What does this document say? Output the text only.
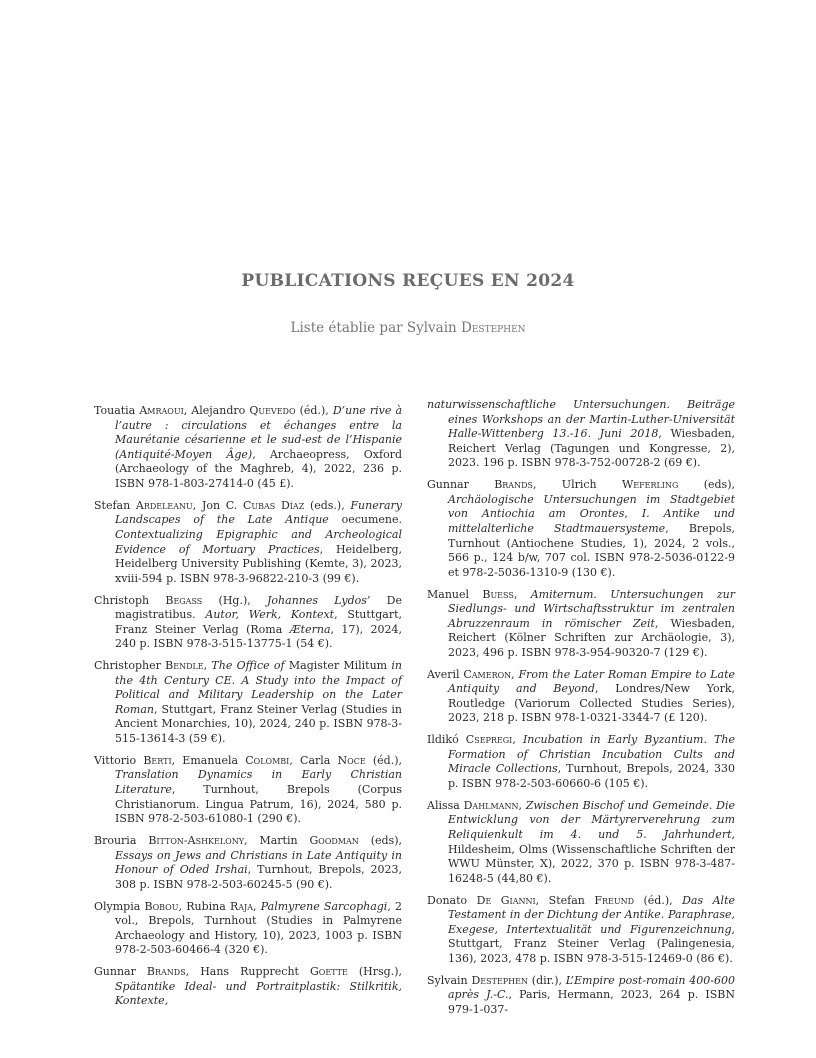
PUBLICATIONS REÇUES EN 2024

Liste établie par Sylvain Destephen

Touatia Amraoui, Alejandro Quevedo (éd.), D’une rive à l’autre : circulations et échanges entre la Maurétanie césarienne et le sud-est de l’Hispanie (Antiquité-Moyen Âge), Archaeopress, Oxford (Archaeology of the Maghreb, 4), 2022, 236 p. ISBN 978-1-803-27414-0 (45 £).

Stefan Ardeleanu, Jon C. Cubas Díaz (eds.), Funerary Landscapes of the Late Antique oecumene. Contextualizing Epigraphic and Archeological Evidence of Mortuary Practices, Heidelberg, Heidelberg University Publishing (Kemte, 3), 2023, xviii-594 p. ISBN 978-3-96822-210-3 (99 €).

Christoph Begass (Hg.), Johannes Lydos’ De magistratibus. Autor, Werk, Kontext, Stuttgart, Franz Steiner Verlag (Roma Æterna, 17), 2024, 240 p. ISBN 978-3-515-13775-1 (54 €).

Christopher Bendle, The Office of Magister Militum in the 4th Century CE. A Study into the Impact of Political and Military Leadership on the Later Roman, Stuttgart, Franz Steiner Verlag (Studies in Ancient Monarchies, 10), 2024, 240 p. ISBN 978-3-515-13614-3 (59 €).

Vittorio Berti, Emanuela Colombi, Carla Noce (éd.), Translation Dynamics in Early Christian Literature, Turnhout, Brepols (Corpus Christianorum. Lingua Patrum, 16), 2024, 580 p. ISBN 978-2-503-61080-1 (290 €).

Brouria Bitton-Ashkelony, Martin Goodman (eds), Essays on Jews and Christians in Late Antiquity in Honour of Oded Irshai, Turnhout, Brepols, 2023, 308 p. ISBN 978-2-503-60245-5 (90 €).

Olympia Bobou, Rubina Raja, Palmyrene Sarcophagi, 2 vol., Brepols, Turnhout (Studies in Palmyrene Archaeology and History, 10), 2023, 1003 p. ISBN 978-2-503-60466-4 (320 €).

Gunnar Brands, Hans Rupprecht Goette (Hrsg.), Spätantike Ideal- und Portraitplastik: Stilkritik, Kontexte,

naturwissenschaftliche Untersuchungen. Beiträge eines Workshops an der Martin-Luther-Universität Halle-Wittenberg 13.-16. Juni 2018, Wiesbaden, Reichert Verlag (Tagungen und Kongresse, 2), 2023. 196 p. ISBN 978-3-752-00728-2 (69 €).

Gunnar Brands, Ulrich Weferling (eds), Archäologische Untersuchungen im Stadtgebiet von Antiochia am Orontes, I. Antike und mittelalterliche Stadtmauersysteme, Brepols, Turnhout (Antiochene Studies, 1), 2024, 2 vols., 566 p., 124 b/w, 707 col. ISBN 978-2-5036-0122-9 et 978-2-5036-1310-9 (130 €).

Manuel Buess, Amiternum. Untersuchungen zur Siedlungs- und Wirtschaftsstruktur im zentralen Abruzzenraum in römischer Zeit, Wiesbaden, Reichert (Kölner Schriften zur Archäologie, 3), 2023, 496 p. ISBN 978-3-954-90320-7 (129 €).

Averil Cameron, From the Later Roman Empire to Late Antiquity and Beyond, Londres/New York, Routledge (Variorum Collected Studies Series), 2023, 218 p. ISBN 978-1-0321-3344-7 (£ 120).

Ildikó Csepregi, Incubation in Early Byzantium. The Formation of Christian Incubation Cults and Miracle Collections, Turnhout, Brepols, 2024, 330 p. ISBN 978-2-503-60660-6 (105 €).

Alissa Dahlmann, Zwischen Bischof und Gemeinde. Die Entwicklung von der Märtyrerverehrung zum Reliquienkult im 4. und 5. Jahrhundert, Hildesheim, Olms (Wissenschaftliche Schriften der WWU Münster, X), 2022, 370 p. ISBN 978-3-487-16248-5 (44,80 €).

Donato De Gianni, Stefan Freund (éd.), Das Alte Testament in der Dichtung der Antike. Paraphrase, Exegese, Intertextualität und Figurenzeichnung, Stuttgart, Franz Steiner Verlag (Palingenesia, 136), 2023, 478 p. ISBN 978-3-515-12469-0 (86 €).

Sylvain Destephen (dir.), L’Empire post-romain 400-600 après J.-C., Paris, Hermann, 2023, 264 p. ISBN 979-1-037-
